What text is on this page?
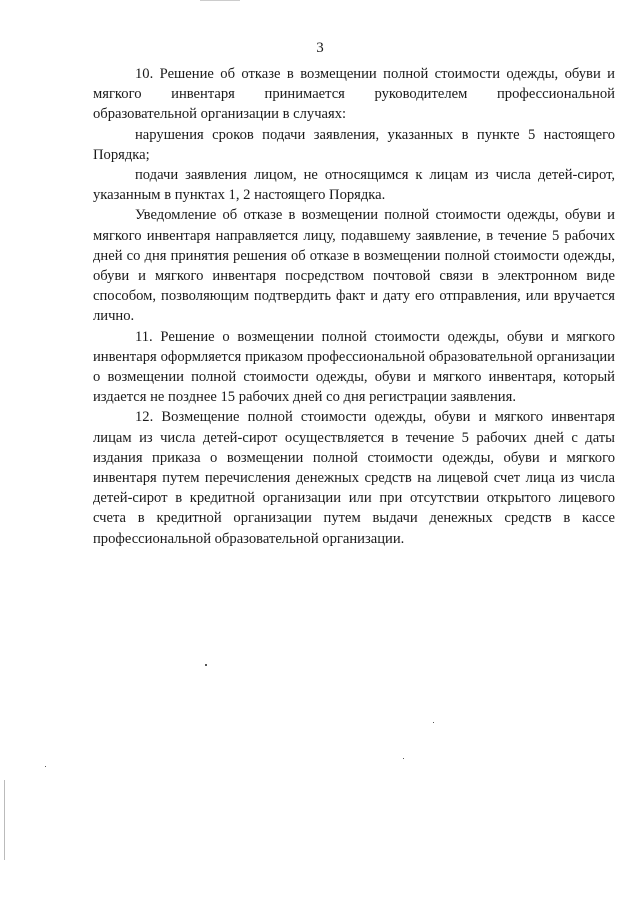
3

10. Решение об отказе в возмещении полной стоимости одежды, обуви и мягкого инвентаря принимается руководителем профессиональной образовательной организации в случаях:

нарушения сроков подачи заявления, указанных в пункте 5 настоящего Порядка;

подачи заявления лицом, не относящимся к лицам из числа детей-сирот, указанным в пунктах 1, 2 настоящего Порядка.

Уведомление об отказе в возмещении полной стоимости одежды, обуви и мягкого инвентаря направляется лицу, подавшему заявление, в течение 5 рабочих дней со дня принятия решения об отказе в возмещении полной стоимости одежды, обуви и мягкого инвентаря посредством почтовой связи в электронном виде способом, позволяющим подтвердить факт и дату его отправления, или вручается лично.

11. Решение о возмещении полной стоимости одежды, обуви и мягкого инвентаря оформляется приказом профессиональной образовательной организации о возмещении полной стоимости одежды, обуви и мягкого инвентаря, который издается не позднее 15 рабочих дней со дня регистрации заявления.

12. Возмещение полной стоимости одежды, обуви и мягкого инвентаря лицам из числа детей-сирот осуществляется в течение 5 рабочих дней с даты издания приказа о возмещении полной стоимости одежды, обуви и мягкого инвентаря путем перечисления денежных средств на лицевой счет лица из числа детей-сирот в кредитной организации или при отсутствии открытого лицевого счета в кредитной организации путем выдачи денежных средств в кассе профессиональной образовательной организации.
